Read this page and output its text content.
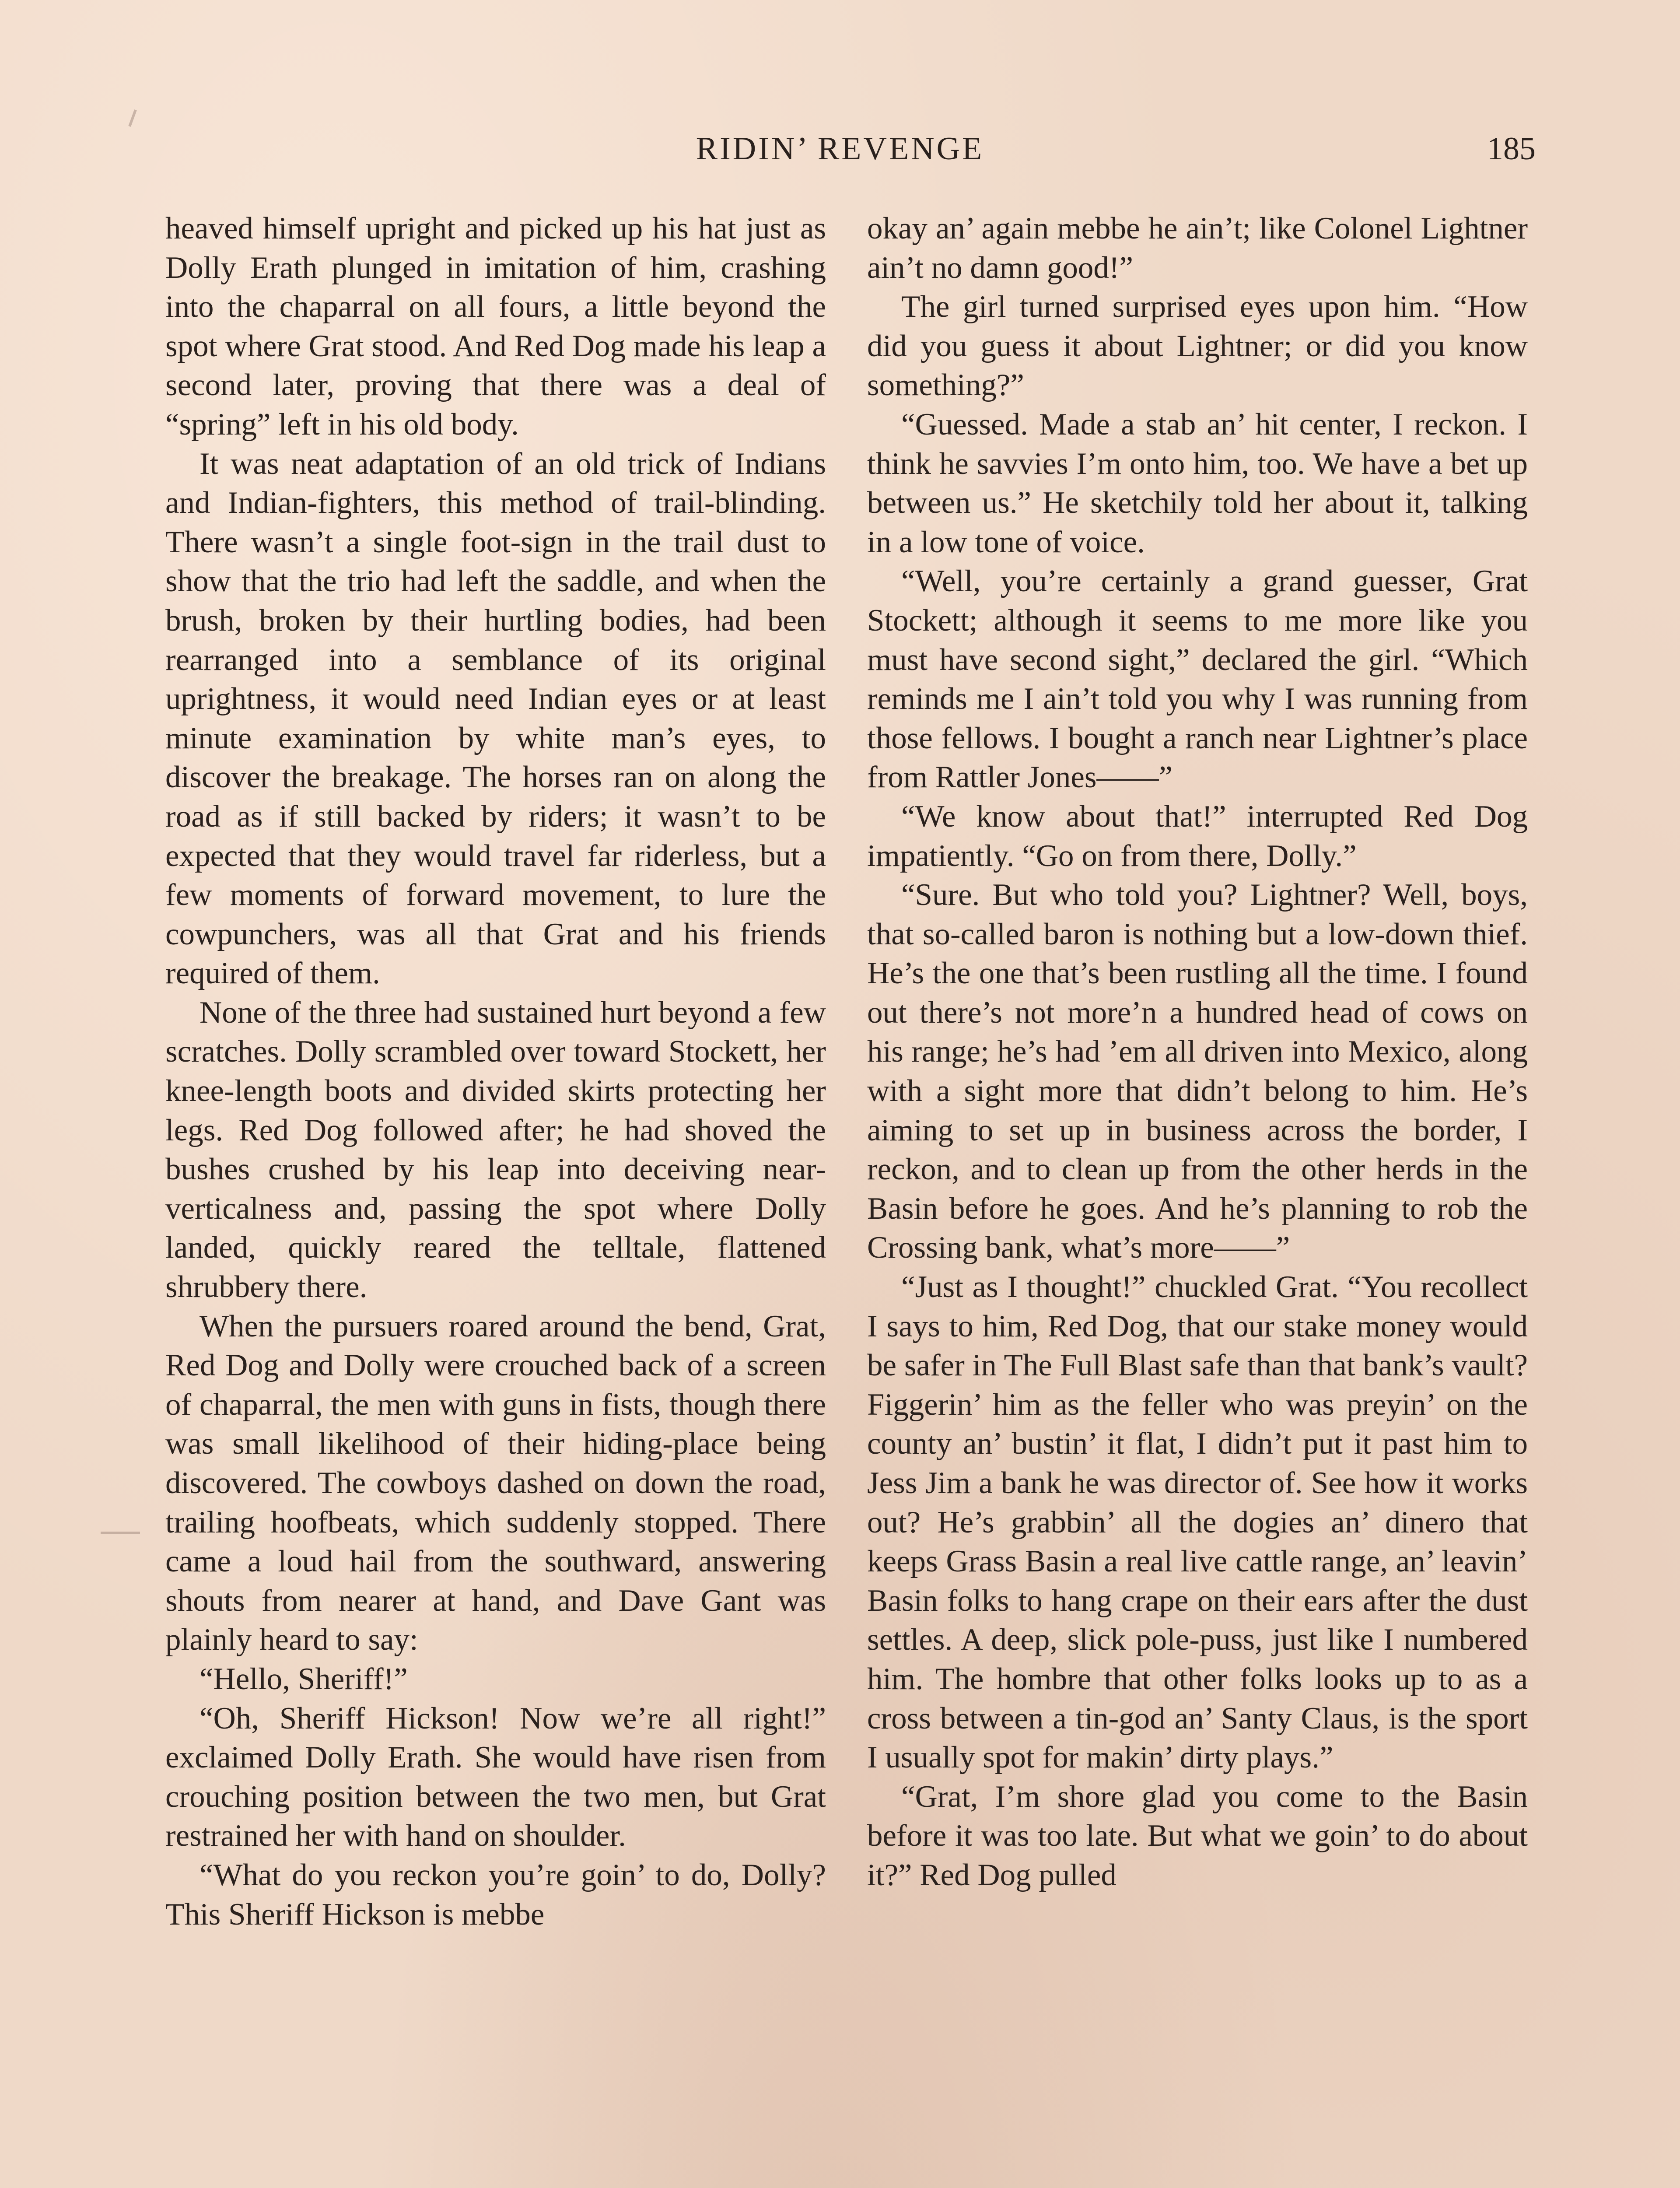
RIDIN’ REVENGE	185

heaved himself upright and picked up his hat just as Dolly Erath plunged in imitation of him, crashing into the chaparral on all fours, a little beyond the spot where Grat stood. And Red Dog made his leap a second later, proving that there was a deal of “spring” left in his old body.

It was neat adaptation of an old trick of Indians and Indian-fighters, this method of trail-blinding. There wasn’t a single foot-sign in the trail dust to show that the trio had left the saddle, and when the brush, broken by their hurtling bodies, had been rearranged into a semblance of its original uprightness, it would need Indian eyes or at least minute examination by white man’s eyes, to discover the breakage. The horses ran on along the road as if still backed by riders; it wasn’t to be expected that they would travel far riderless, but a few moments of forward movement, to lure the cowpunchers, was all that Grat and his friends required of them.

None of the three had sustained hurt beyond a few scratches. Dolly scrambled over toward Stockett, her knee-length boots and divided skirts protecting her legs. Red Dog followed after; he had shoved the bushes crushed by his leap into deceiving near-verticalness and, passing the spot where Dolly landed, quickly reared the telltale, flattened shrubbery there.

When the pursuers roared around the bend, Grat, Red Dog and Dolly were crouched back of a screen of chaparral, the men with guns in fists, though there was small likelihood of their hiding-place being discovered. The cowboys dashed on down the road, trailing hoofbeats, which suddenly stopped. There came a loud hail from the southward, answering shouts from nearer at hand, and Dave Gant was plainly heard to say:

“Hello, Sheriff!”

“Oh, Sheriff Hickson! Now we’re all right!” exclaimed Dolly Erath. She would have risen from crouching position between the two men, but Grat restrained her with hand on shoulder.

“What do you reckon you’re goin’ to do, Dolly? This Sheriff Hickson is mebbe

okay an’ again mebbe he ain’t; like Colonel Lightner ain’t no damn good!”

The girl turned surprised eyes upon him. “How did you guess it about Lightner; or did you know something?”

“Guessed. Made a stab an’ hit center, I reckon. I think he savvies I’m onto him, too. We have a bet up between us.” He sketchily told her about it, talking in a low tone of voice.

“Well, you’re certainly a grand guesser, Grat Stockett; although it seems to me more like you must have second sight,” declared the girl. “Which reminds me I ain’t told you why I was running from those fellows. I bought a ranch near Lightner’s place from Rattler Jones——”

“We know about that!” interrupted Red Dog impatiently. “Go on from there, Dolly.”

“Sure. But who told you? Lightner? Well, boys, that so-called baron is nothing but a low-down thief. He’s the one that’s been rustling all the time. I found out there’s not more’n a hundred head of cows on his range; he’s had ’em all driven into Mexico, along with a sight more that didn’t belong to him. He’s aiming to set up in business across the border, I reckon, and to clean up from the other herds in the Basin before he goes. And he’s planning to rob the Crossing bank, what’s more——”

“Just as I thought!” chuckled Grat. “You recollect I says to him, Red Dog, that our stake money would be safer in The Full Blast safe than that bank’s vault? Figgerin’ him as the feller who was preyin’ on the county an’ bustin’ it flat, I didn’t put it past him to Jess Jim a bank he was director of. See how it works out? He’s grabbin’ all the dogies an’ dinero that keeps Grass Basin a real live cattle range, an’ leavin’ Basin folks to hang crape on their ears after the dust settles. A deep, slick pole-puss, just like I numbered him. The hombre that other folks looks up to as a cross between a tin-god an’ Santy Claus, is the sport I usually spot for makin’ dirty plays.”

“Grat, I’m shore glad you come to the Basin before it was too late. But what we goin’ to do about it?” Red Dog pulled
